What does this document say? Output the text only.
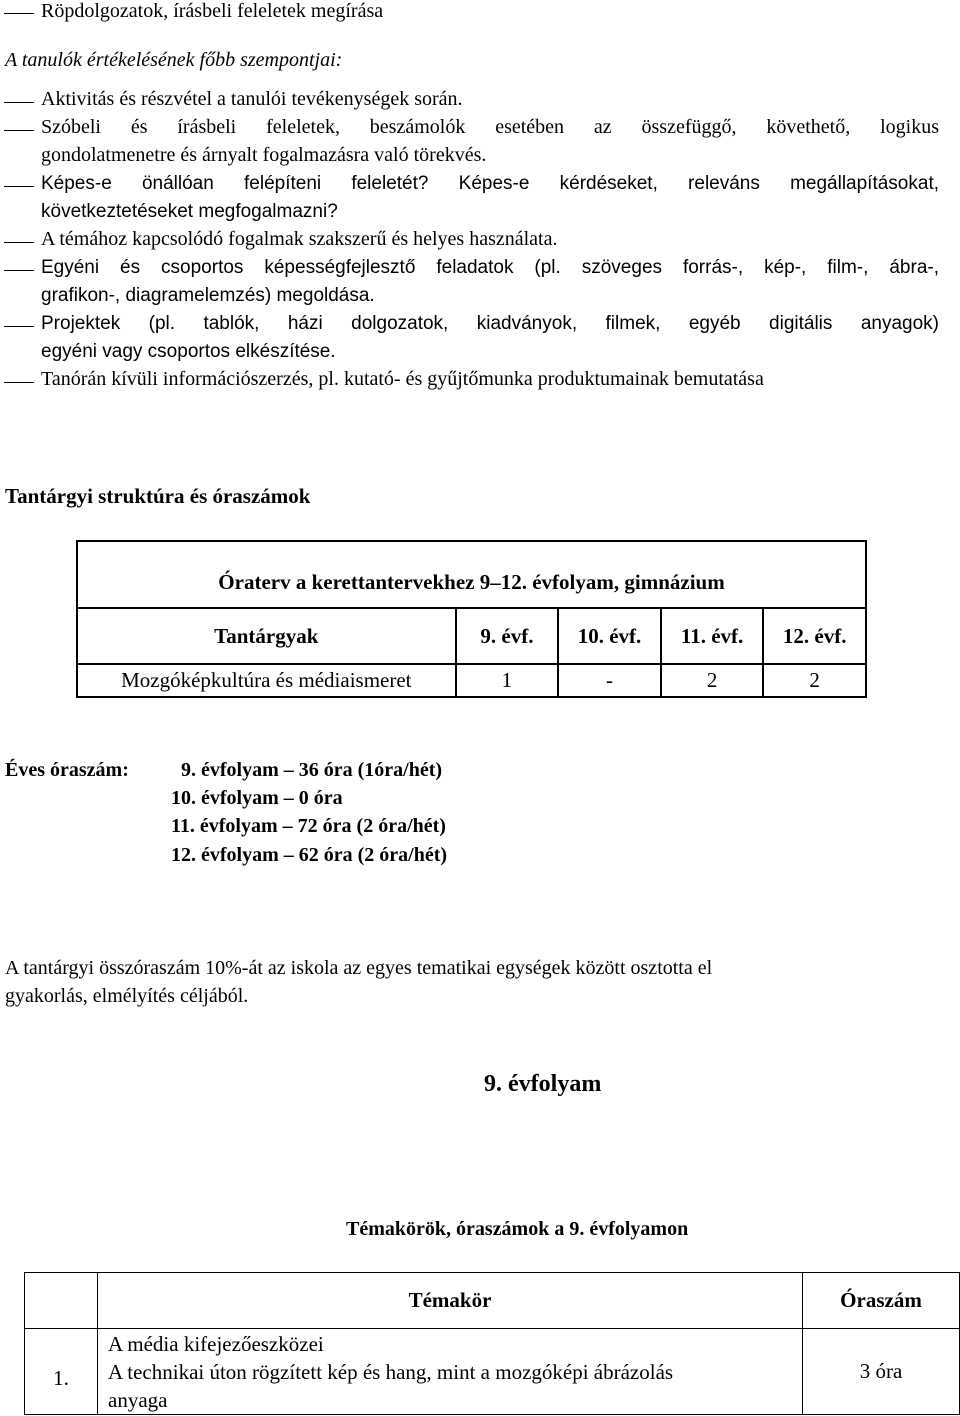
Röpdolgozatok, írásbeli feleletek megírása
A tanulók értékelésének főbb szempontjai:
Aktivitás és részvétel a tanulói tevékenységek során.
Szóbeli és írásbeli feleletek, beszámolók esetében az összefüggő, követhető, logikus
gondolatmenetre és árnyalt fogalmazásra való törekvés.
Képes-e önállóan felépíteni feleletét? Képes-e kérdéseket, releváns megállapításokat,
következtetéseket megfogalmazni?
A témához kapcsolódó fogalmak szakszerű és helyes használata.
Egyéni és csoportos képességfejlesztő feladatok (pl. szöveges forrás-, kép-, film-, ábra-,
grafikon-, diagramelemzés) megoldása.
Projektek (pl. tablók, házi dolgozatok, kiadványok, filmek, egyéb digitális anyagok)
egyéni vagy csoportos elkészítése.
Tanórán kívüli információszerzés, pl. kutató- és gyűjtőmunka produktumainak bemutatása
Tantárgyi struktúra és óraszámok
Óraterv a kerettantervekhez 9–12. évfolyam, gimnázium				
Tantárgyak	9. évf.	10. évf.	11. évf.	12. évf.
Mozgóképkultúra és médiaismeret	1	-	2	2
Éves óraszám:	9. évfolyam – 36 óra (1óra/hét)
10. évfolyam – 0 óra
11. évfolyam – 72 óra (2 óra/hét)
12. évfolyam – 62 óra (2 óra/hét)
A tantárgyi összóraszám 10%-át az iskola az egyes tematikai egységek között osztotta el
gyakorlás, elmélyítés céljából.
9. évfolyam
Témakörök, óraszámok a 9. évfolyamon
	Témakör	Óraszám
1.	A média kifejezőeszközei
A technikai úton rögzített kép és hang, mint a mozgóképi ábrázolás
anyaga	3 óra
